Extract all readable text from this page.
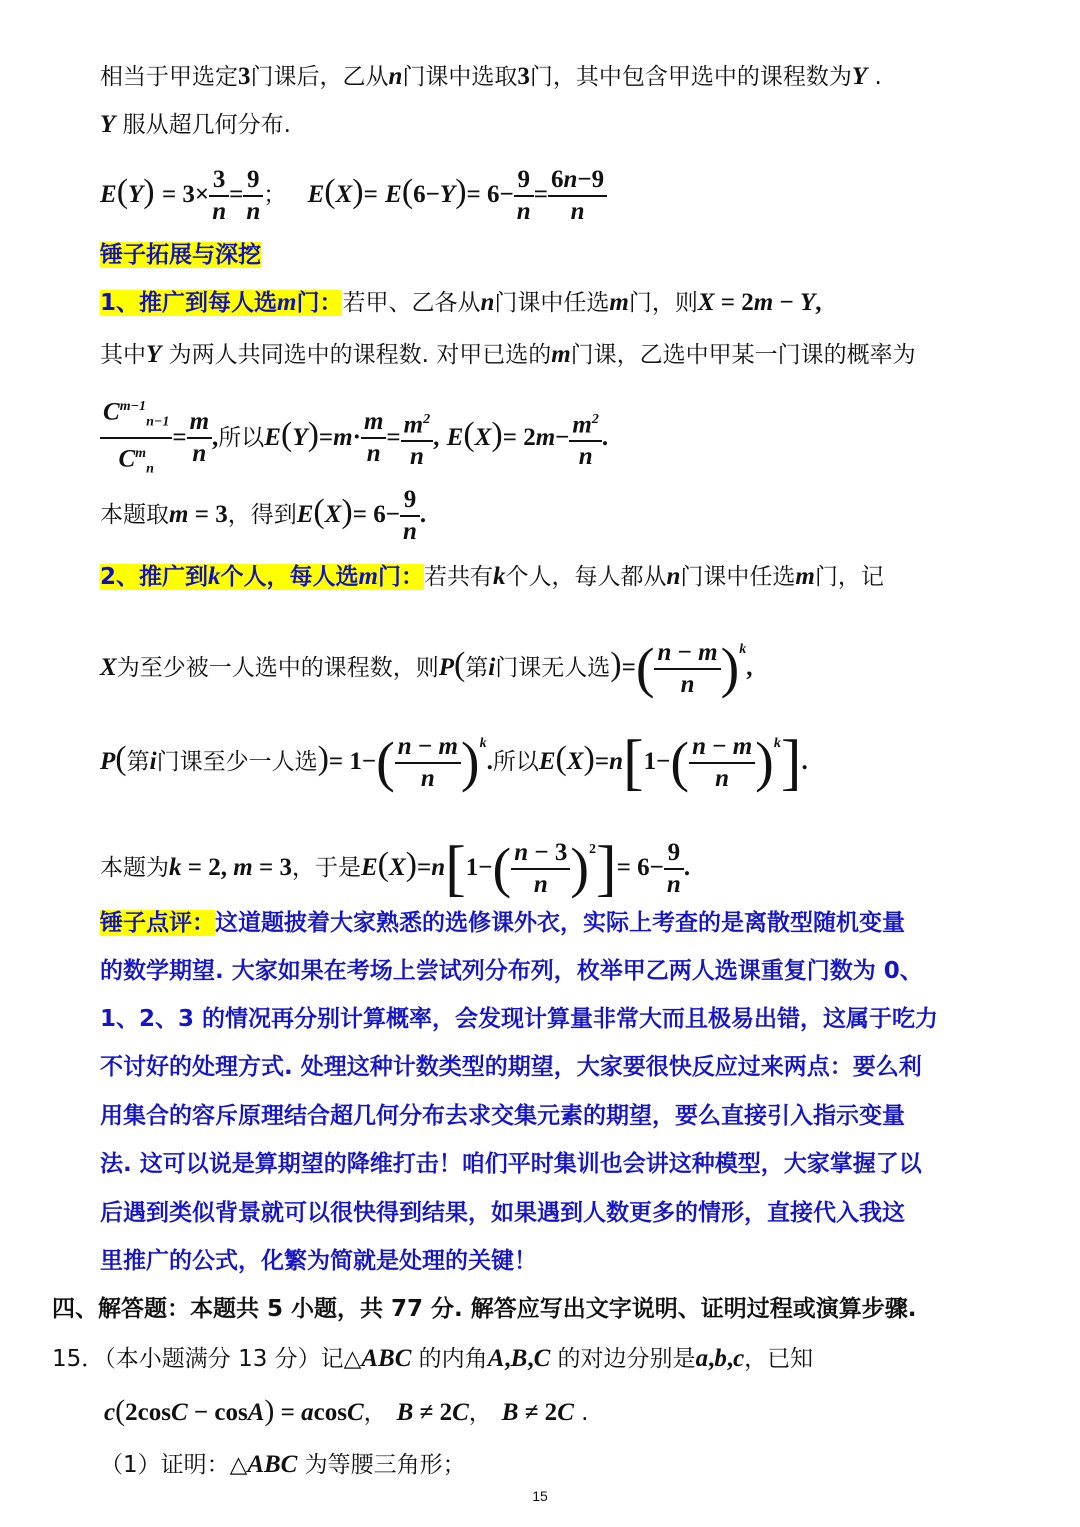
相当于甲选定3门课后，乙从n门课中选取3门，其中包含甲选中的课程数为Y .
Y 服从超几何分布.
$E(Y) = 3\times \frac{3}{n} = \frac{9}{n}$ ； $E(X)= E(6-Y)= 6- \frac{9}{n} = \frac{6n-9}{n}$
锤子拓展与深挖
1、推广到每人选m门：若甲、乙各从n门课中任选m门，则X = 2m − Y,
其中Y 为两人共同选中的课程数. 对甲已选的m门课，乙选中甲某一门课的概率为
$\frac{C^{m-1}_{n-1}}{C^m_n} = \frac{m}{n}$ ,所以$E(Y)=m\cdot \frac{m}{n} = \frac{m^2}{n}$ , $E(X)= 2m- \frac{m^2}{n}$ .
本题取m = 3，得到$E(X)= 6- \frac{9}{n}$ .
2、推广到k个人，每人选m门：若共有k个人，每人都从n门课中任选m门，记
X为至少被一人选中的课程数，则P(第i门课无人选)=( $\frac{n - m}{n} )^k$,
P(第i门课至少一人选)= $1-( \frac{n - m}{n} )^k$.所以$E(X)=n[1-( \frac{n - m}{n} )^k]$.
本题为k = 2, m = 3，于是$E(X)=n[1-( \frac{n - 3}{n} )^2]= 6- \frac{9}{n}$ .
锤子点评：这道题披着大家熟悉的选修课外衣，实际上考查的是离散型随机变量
的数学期望. 大家如果在考场上尝试列分布列，枚举甲乙两人选课重复门数为 0、
1、2、3 的情况再分别计算概率，会发现计算量非常大而且极易出错，这属于吃力
不讨好的处理方式. 处理这种计数类型的期望，大家要很快反应过来两点：要么利
用集合的容斥原理结合超几何分布去求交集元素的期望，要么直接引入指示变量
法. 这可以说是算期望的降维打击！咱们平时集训也会讲这种模型，大家掌握了以
后遇到类似背景就可以很快得到结果，如果遇到人数更多的情形，直接代入我这
里推广的公式，化繁为简就是处理的关键！
四、解答题：本题共 5 小题，共 77 分. 解答应写出文字说明、证明过程或演算步骤.
15．（本小题满分 13 分）记△ABC 的内角A,B,C 的对边分别是a,b,c，已知
c(2cosC − cosA) = acosC， B ≠ 2C， B ≠ 2C .
（1）证明：△ABC 为等腰三角形；
15
